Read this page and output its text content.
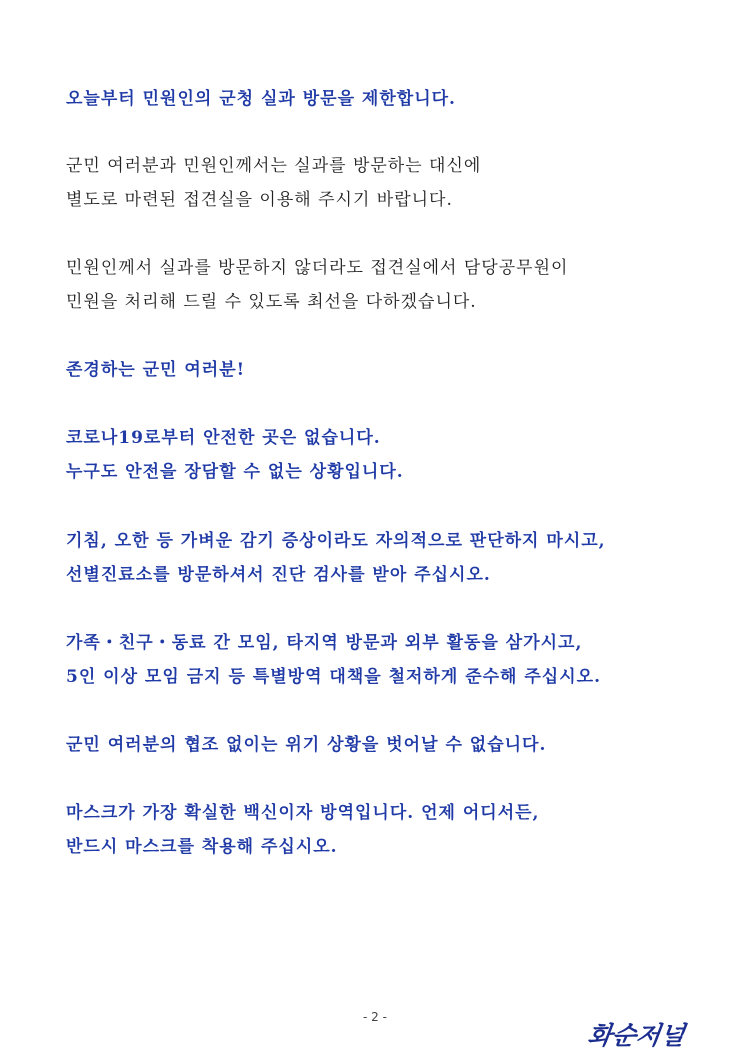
오늘부터 민원인의 군청 실과 방문을 제한합니다.
군민 여러분과 민원인께서는 실과를 방문하는 대신에
별도로 마련된 접견실을 이용해 주시기 바랍니다.
민원인께서 실과를 방문하지 않더라도 접견실에서 담당공무원이
민원을 처리해 드릴 수 있도록 최선을 다하겠습니다.
존경하는 군민 여러분!
코로나19로부터 안전한 곳은 없습니다.
누구도 안전을 장담할 수 없는 상황입니다.
기침, 오한 등 가벼운 감기 증상이라도 자의적으로 판단하지 마시고,
선별진료소를 방문하셔서 진단 검사를 받아 주십시오.
가족・친구・동료 간 모임, 타지역 방문과 외부 활동을 삼가시고,
5인 이상 모임 금지 등 특별방역 대책을 철저하게 준수해 주십시오.
군민 여러분의 협조 없이는 위기 상황을 벗어날 수 없습니다.
마스크가 가장 확실한 백신이자 방역입니다. 언제 어디서든,
반드시 마스크를 착용해 주십시오.
- 2 -
화순저널
